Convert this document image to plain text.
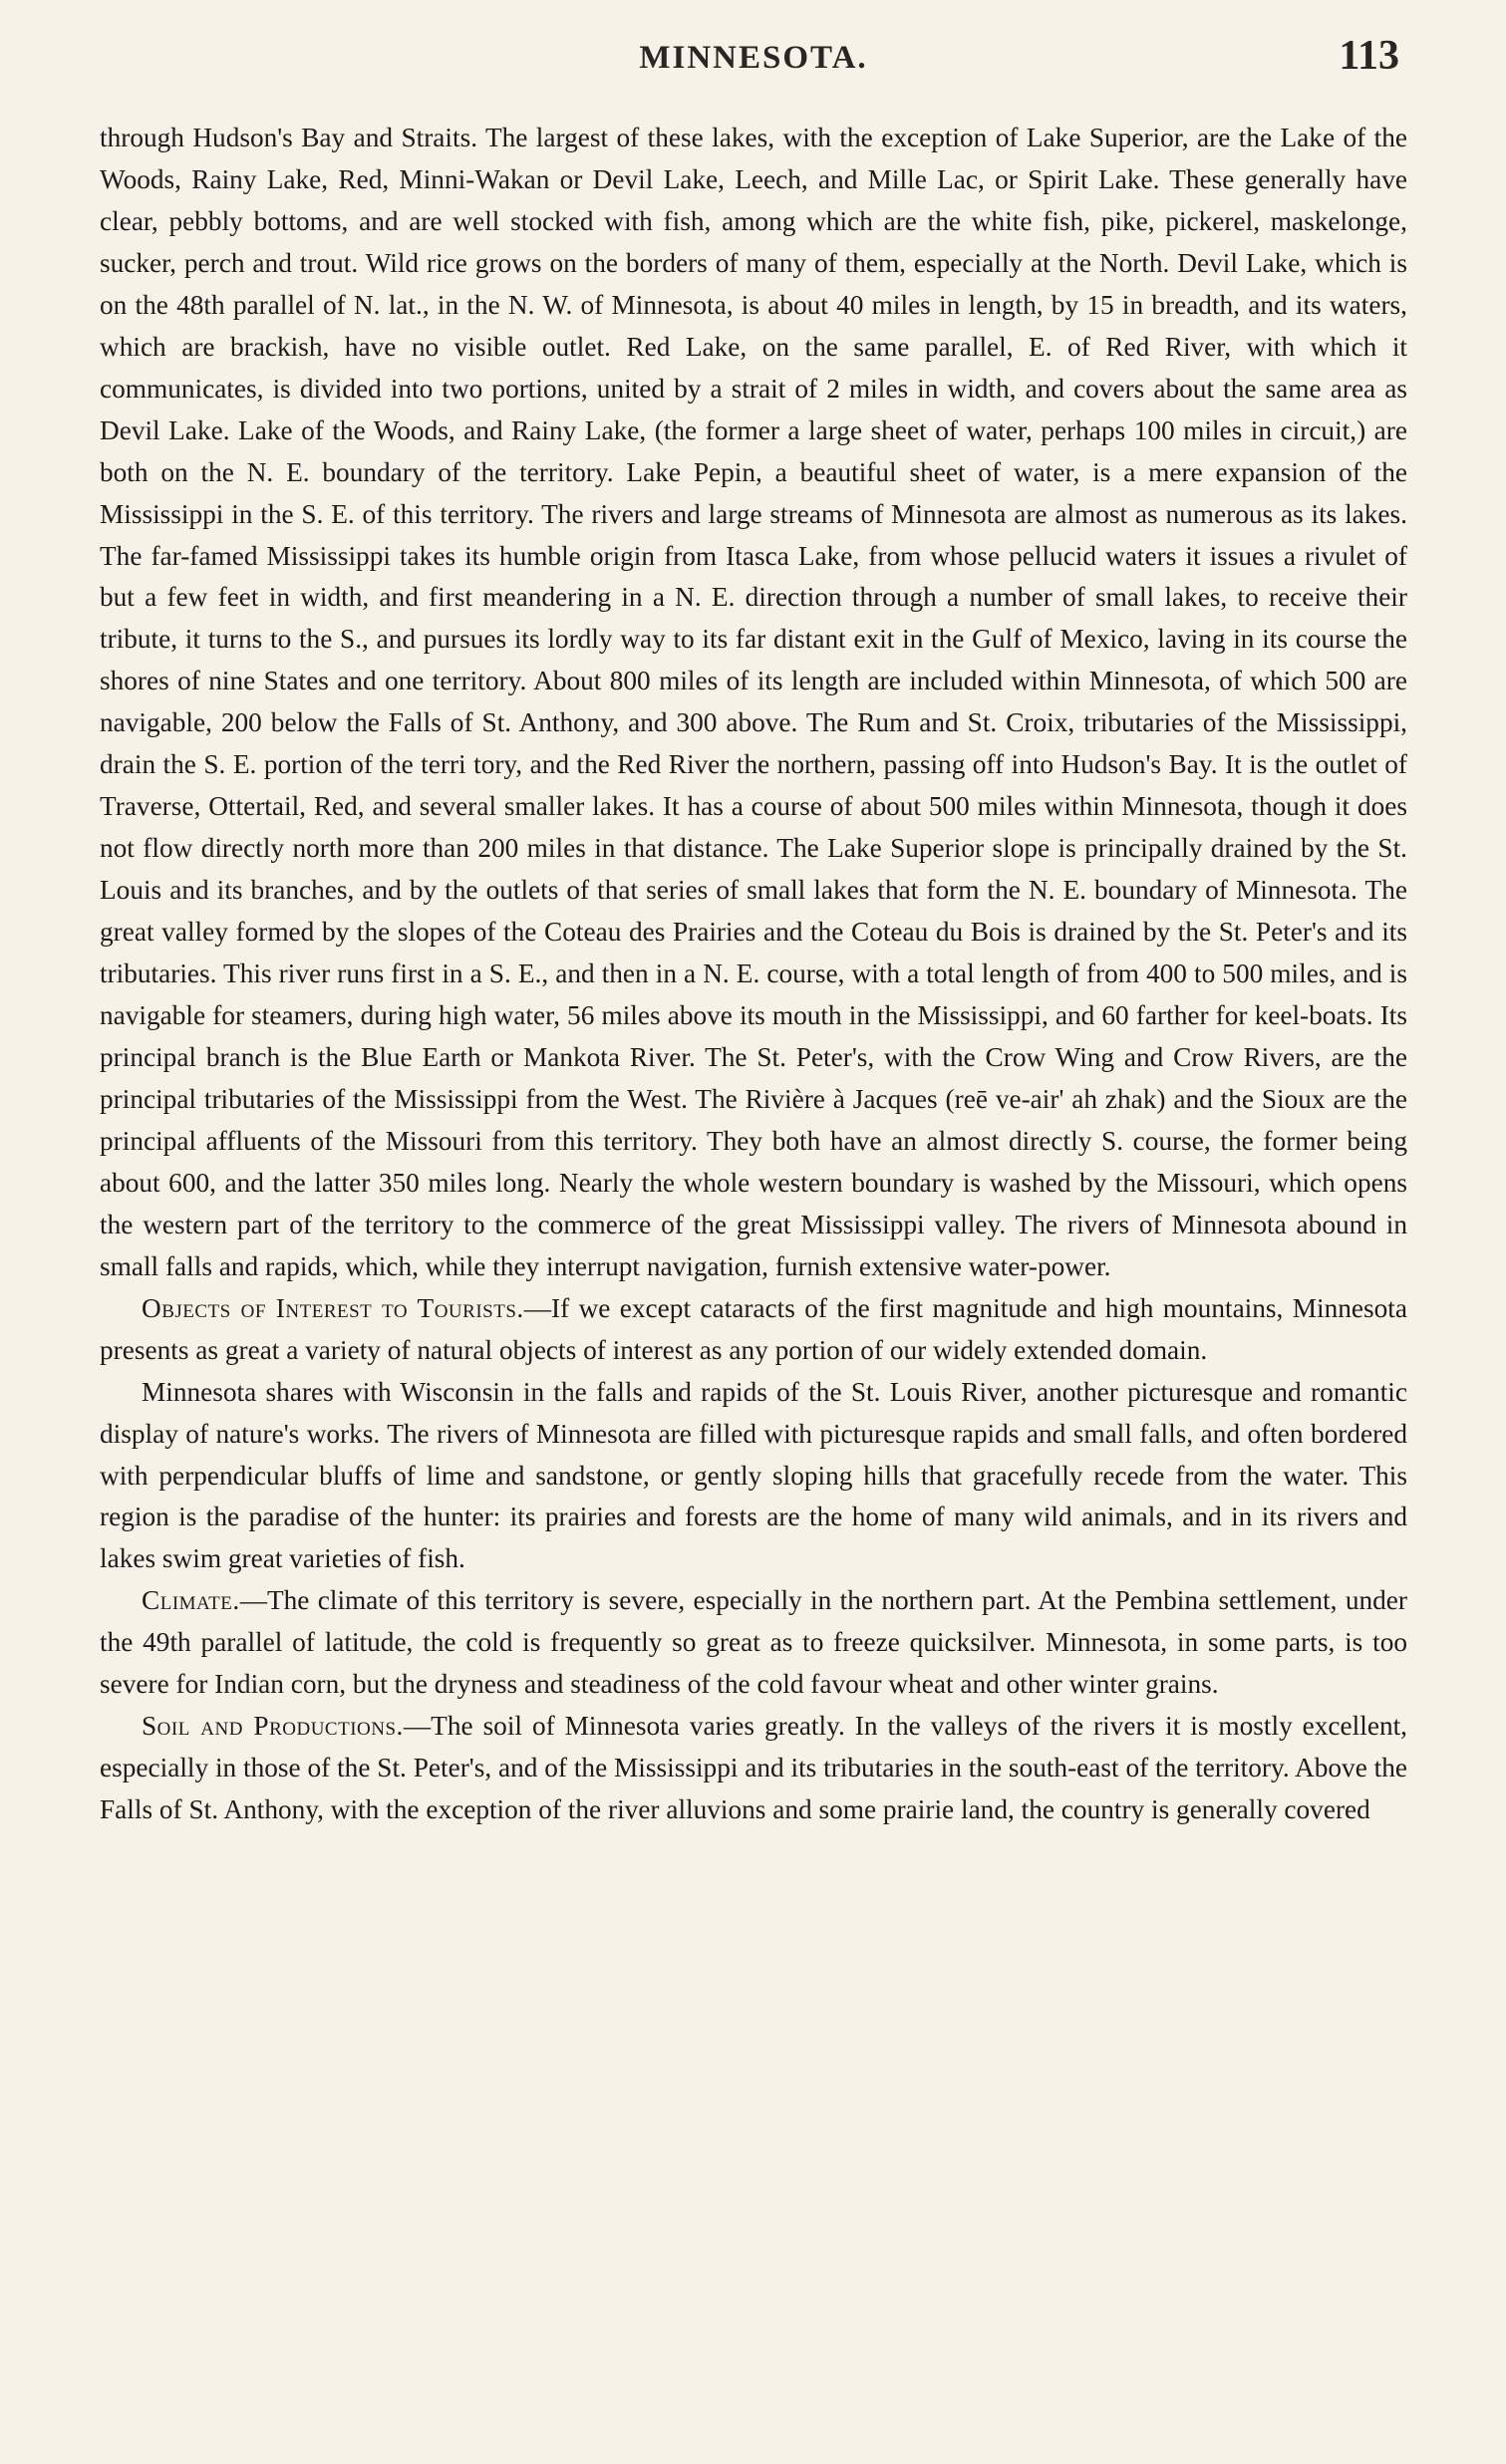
MINNESOTA.	113

through Hudson's Bay and Straits. The largest of these lakes, with the exception of Lake Superior, are the Lake of the Woods, Rainy Lake, Red, Minni-Wakan or Devil Lake, Leech, and Mille Lac, or Spirit Lake. These generally have clear, pebbly bottoms, and are well stocked with fish, among which are the white fish, pike, pickerel, maskelonge, sucker, perch and trout. Wild rice grows on the borders of many of them, especially at the North. Devil Lake, which is on the 48th parallel of N. lat., in the N. W. of Minnesota, is about 40 miles in length, by 15 in breadth, and its waters, which are brackish, have no visible outlet. Red Lake, on the same parallel, E. of Red River, with which it communicates, is divided into two portions, united by a strait of 2 miles in width, and covers about the same area as Devil Lake. Lake of the Woods, and Rainy Lake, (the former a large sheet of water, perhaps 100 miles in circuit,) are both on the N. E. boundary of the territory. Lake Pepin, a beautiful sheet of water, is a mere expansion of the Mississippi in the S. E. of this territory. The rivers and large streams of Minnesota are almost as numerous as its lakes. The far-famed Mississippi takes its humble origin from Itasca Lake, from whose pellucid waters it issues a rivulet of but a few feet in width, and first meandering in a N. E. direction through a number of small lakes, to receive their tribute, it turns to the S., and pursues its lordly way to its far distant exit in the Gulf of Mexico, laving in its course the shores of nine States and one territory. About 800 miles of its length are included within Minnesota, of which 500 are navigable, 200 below the Falls of St. Anthony, and 300 above. The Rum and St. Croix, tributaries of the Mississippi, drain the S. E. portion of the terri tory, and the Red River the northern, passing off into Hudson's Bay. It is the outlet of Traverse, Ottertail, Red, and several smaller lakes. It has a course of about 500 miles within Minnesota, though it does not flow directly north more than 200 miles in that distance. The Lake Superior slope is principally drained by the St. Louis and its branches, and by the outlets of that series of small lakes that form the N. E. boundary of Minnesota. The great valley formed by the slopes of the Coteau des Prairies and the Coteau du Bois is drained by the St. Peter's and its tributaries. This river runs first in a S. E., and then in a N. E. course, with a total length of from 400 to 500 miles, and is navigable for steamers, during high water, 56 miles above its mouth in the Mississippi, and 60 farther for keel-boats. Its principal branch is the Blue Earth or Mankota River. The St. Peter's, with the Crow Wing and Crow Rivers, are the principal tributaries of the Mississippi from the West. The Rivière à Jacques (reē ve-air' ah zhak) and the Sioux are the principal affluents of the Missouri from this territory. They both have an almost directly S. course, the former being about 600, and the latter 350 miles long. Nearly the whole western boundary is washed by the Missouri, which opens the western part of the territory to the commerce of the great Mississippi valley. The rivers of Minnesota abound in small falls and rapids, which, while they interrupt navigation, furnish extensive water-power.

Objects of Interest to Tourists.—If we except cataracts of the first magnitude and high mountains, Minnesota presents as great a variety of natural objects of interest as any portion of our widely extended domain.

Minnesota shares with Wisconsin in the falls and rapids of the St. Louis River, another picturesque and romantic display of nature's works. The rivers of Minnesota are filled with picturesque rapids and small falls, and often bordered with perpendicular bluffs of lime and sandstone, or gently sloping hills that gracefully recede from the water. This region is the paradise of the hunter: its prairies and forests are the home of many wild animals, and in its rivers and lakes swim great varieties of fish.

Climate.—The climate of this territory is severe, especially in the northern part. At the Pembina settlement, under the 49th parallel of latitude, the cold is frequently so great as to freeze quicksilver. Minnesota, in some parts, is too severe for Indian corn, but the dryness and steadiness of the cold favour wheat and other winter grains.

Soil and Productions.—The soil of Minnesota varies greatly. In the valleys of the rivers it is mostly excellent, especially in those of the St. Peter's, and of the Mississippi and its tributaries in the south-east of the territory. Above the Falls of St. Anthony, with the exception of the river alluvions and some prairie land, the country is generally covered
